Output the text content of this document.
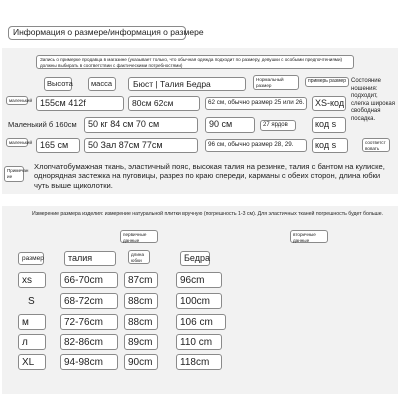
Информация о размере/информация о размере
Запись о примерке продавца в магазине (указывает только, что обычная одежда подходит по размеру, девушки с особыми предпочтениями) должны выбирать в соответствии с фактическими потребностями)
Высота	масса	Бюст | Талия Бедра	Нормальный размер
примерь размер Состояние ношения: подходит, слегка широкая свободная посадка.
маленький 155см 412f	80см 62см	62 см, обычно размер 25 или 26.	XS-код
Маленький б 160см	50 кг 84 см 70 см	90 см	27 ярдов	код s
маленький 165 см	50 Зал 87см 77см	96 см, обычно размер 28, 29.	код s	соответст вовать
Примечан ие
Хлопчатобумажная ткань, эластичный пояс, высокая талия на резинке, талия с бантом на кулиске, однорядная застежка на пуговицы, разрез по краю спереди, карманы с обеих сторон, длина юбки чуть выше щиколотки.
Измерение размера изделия: измерение натуральной плитки вручную (погрешность 1-3 см). Для эластичных тканей погрешность будет больше.
первичные данные
вторичные данные
размер	талия	длина юбки	Бедра
xs	66-70cm	87cm	96cm
S	68-72cm	88cm	100cm
м	72-76cm	88cm	106 cm
л	82-86cm	89cm	110 cm
XL	94-98cm	90cm	118cm
